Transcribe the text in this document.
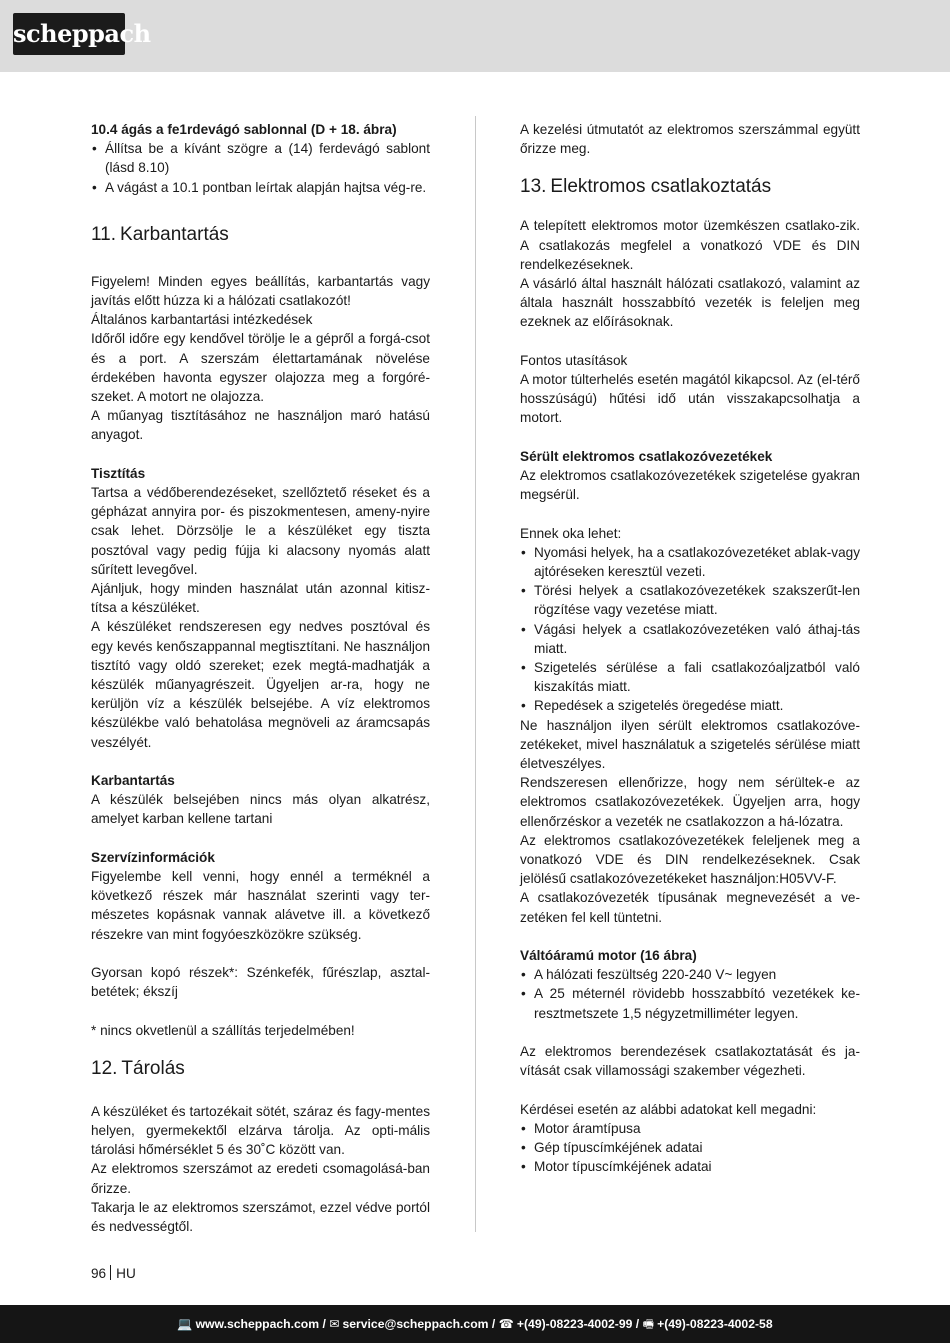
scheppach

10.4 ágás a fe1rdevágó sablonnal (D + 18. ábra)

• Állítsa be a kívánt szögre a (14) ferdevágó sablont (lásd 8.10)
• A vágást a 10.1 pontban leírtak alapján hajtsa vég-re.
11. Karbantartás

Figyelem! Minden egyes beállítás, karbantartás vagy javítás előtt húzza ki a hálózati csatlakozót!

Általános karbantartási intézkedések

Időről időre egy kendővel törölje le a gépről a forgá-csot és a port. A szerszám élettartamának növelése érdekében havonta egyszer olajozza meg a forgóré-szeket. A motort ne olajozza.

A műanyag tisztításához ne használjon maró hatású anyagot.

Tisztítás

Tartsa a védőberendezéseket, szellőztető réseket és a gépházat annyira por- és piszokmentesen, ameny-nyire csak lehet. Dörzsölje le a készüléket egy tiszta posztóval vagy pedig fújja ki alacsony nyomás alatt sűrített levegővel.

Ajánljuk, hogy minden használat után azonnal kitisz-títsa a készüléket.

A készüléket rendszeresen egy nedves posztóval és egy kevés kenőszappannal megtisztítani. Ne használjon tisztító vagy oldó szereket; ezek megtá-madhatják a készülék műanyagrészeit. Ügyeljen ar-ra, hogy ne kerüljön víz a készülék belsejébe. A víz elektromos készülékbe való behatolása megnöveli az áramcsapás veszélyét.

Karbantartás

A készülék belsejében nincs más olyan alkatrész, amelyet karban kellene tartani

Szervízinformációk

Figyelembe kell venni, hogy ennél a terméknél a következő részek már használat szerinti vagy ter-mészetes kopásnak vannak alávetve ill. a következő részekre van mint fogyóeszközökre szükség.

Gyorsan kopó részek*: Szénkefék, fűrészlap, asztal-betétek; ékszíj

* nincs okvetlenül a szállítás terjedelmében!

12. Tárolás

A készüléket és tartozékait sötét, száraz és fagy-mentes helyen, gyermekektől elzárva tárolja. Az opti-mális tárolási hőmérséklet 5 és 30˚C között van.

Az elektromos szerszámot az eredeti csomagolásá-ban őrizze.

Takarja le az elektromos szerszámot, ezzel védve portól és nedvességtől.

A kezelési útmutatót az elektromos szerszámmal együtt őrizze meg.

13. Elektromos csatlakoztatás

A telepített elektromos motor üzemkészen csatlako-zik. A csatlakozás megfelel a vonatkozó VDE és DIN rendelkezéseknek.

A vásárló által használt hálózati csatlakozó, valamint az általa használt hosszabbító vezeték is feleljen meg ezeknek az előírásoknak.

Fontos utasítások

A motor túlterhelés esetén magától kikapcsol. Az (el-térő hosszúságú) hűtési idő után visszakapcsolhatja a motort.

Sérült elektromos csatlakozóvezetékek

Az elektromos csatlakozóvezetékek szigetelése gyakran megsérül.

Ennek oka lehet:

• Nyomási helyek, ha a csatlakozóvezetéket ablak-vagy ajtóréseken keresztül vezeti.
• Törési helyek a csatlakozóvezetékek szakszerűt-len rögzítése vagy vezetése miatt.
• Vágási helyek a csatlakozóvezetéken való áthaj-tás miatt.
• Szigetelés sérülése a fali csatlakozóaljzatból való kiszakítás miatt.
• Repedések a szigetelés öregedése miatt.

Ne használjon ilyen sérült elektromos csatlakozóve-zetékeket, mivel használatuk a szigetelés sérülése miatt életveszélyes.

Rendszeresen ellenőrizze, hogy nem sérültek-e az elektromos csatlakozóvezetékek. Ügyeljen arra, hogy ellenőrzéskor a vezeték ne csatlakozzon a há-lózatra.

Az elektromos csatlakozóvezetékek feleljenek meg a vonatkozó VDE és DIN rendelkezéseknek. Csak jelölésű csatlakozóvezetékeket használjon:H05VV-F.

A csatlakozóvezeték típusának megnevezését a ve-zetéken fel kell tüntetni.

Váltóáramú motor (16 ábra)

• A hálózati feszültség 220-240 V~ legyen
• A 25 méternél rövidebb hosszabbító vezetékek ke-resztmetszete 1,5 négyzetmilliméter legyen.

Az elektromos berendezések csatlakoztatását és ja-vítását csak villamossági szakember végezheti.

Kérdései esetén az alábbi adatokat kell megadni:

• Motor áramtípusa
• Gép típuscímkéjének adatai
• Motor típuscímkéjének adatai
96 HU
💻 www.scheppach.com / ✉ service@scheppach.com / ☎ +(49)-08223-4002-99 / 🖷 +(49)-08223-4002-58
